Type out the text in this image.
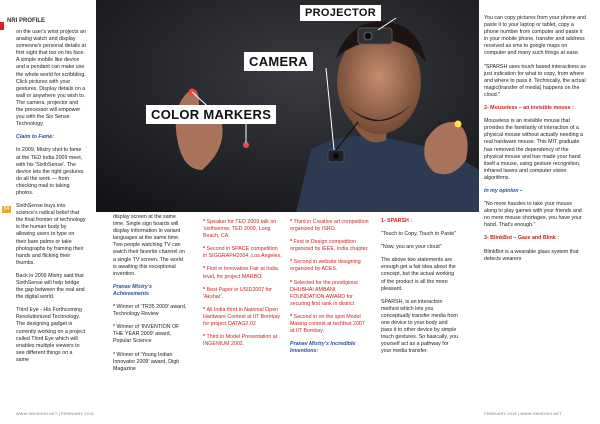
NRI PROFILE
54

on the user's wrist projects an analog watch and display someone's personal details at first sight that too on his face. A simple mobile like device and a pendant can make use the whole world for scribbling. Click pictures with your gestures. Display details on a wall or anywhere you wish to. The camera, projector and the processor will empower you with the Six Sense Technology.

Claim to Fame:

In 2009, Mistry shot to fame at the TED India 2009 meet, with his 'SixthSense'. The device lets the right gestures do all the work — from checking mail to taking photos.

SixthSense buys into science's radical belief that the final frontier of technology is the human body by allowing users to type on their bare palms or take photographs by framing their hands and flicking their thumbs.

Back in 2009 Mistry said that SixthSense will help bridge the gap between the real and the digital world.

Third Eye - His Forthcoming Revolutionized Technology. The designing gadget is currently working on a project called Third Eye which will enables multiple viewers to see different things on a same

PROJECTOR
CAMERA
COLOR MARKERS

display screen at the same time. Single sign boards will display information in variant languages at the same time. Two people watching TV can watch their favorite channel on a single TV screen. The world is awaiting this exceptional invention.

Pranav Mistry's Achievements

* Winner of 'TR35 2009' award, Technology Review

* Winner of 'INVENTION OF THE YEAR 2009' award, Popular Science

* Winner of 'Young Indian Innovator 2009' award, Digit Magazine

* Speaker for TED 2009 talk on 'sixthsense, TED 2009, Long Beach, CA.

* Second in SPACE competition in SIGGRAPH2004, Los Angeles.

* First in Innovation Fair at India level, for project MARBO.

* Best Paper in USID2007 for 'Akshar'.

* All India third in National Open Hardware Contest at IIT Bombay for project DATAG2.02

* Third in Model Presentation at INGENIUM 2002.

* Third in Creative art competition organized by ISRO.

* First in Design competition organized by IEEE, India chapter.

* Second in website designing organized by ACES.

* Selected for the prestigious DHUBHAI AMBANI FOUNDATION AWARD for securing first rank in district

* Second in on the spot Model Making contest at techfest 2007 at IIT Bombay.

Pranav Mistry's Incredible Inventions:

1- SPARSH :

"Touch to Copy, Touch to Paste"

"Now, you are your cloud"

The above two statements are enough get a fair idea about the concept, but the actual working of the product is all the more pleasant.

SPARSH, is an interaction method which lets you conceptually transfer media from one device to your body and pass it to other device by simple touch gestures. So basically, you yourself act as a pathway for your media transfer.

You can copy pictures from your phone and paste it to your laptop or tablet, copy a phone number from computer and paste it in your mobile phone, transfer and address received as sms to google maps on computer and many such things at ease.

"SPARSH uses touch based interactions as just indication for what to copy, from where and where to pass it. Technically, the actual magic(transfer of media) happens on the cloud."

2- Mouseless – an invisible mouse :

Mouseless is an invisible mouse that provides the familiarity of interaction of a physical mouse without actually needing a real hardware mouse. This MIT graduate has removed the dependency of the physical mouse and has made your hand itself a mouse, using gesture recognition, infrared lasers and computer vision algorithms.

In my opinion –

"No more hassles to take your mouse along to play games with your friends and no more mouse shortages, you have your hand. That's enough."

3- BlinkBot – Gaze and Blink :

BlinkBot is a wearable glass system that detects wearers

WWW.SBHIDSHI.NET | FEBRUARY 2018	FEBRUARY 2018 | WWW.SBHIDSHI.NET
